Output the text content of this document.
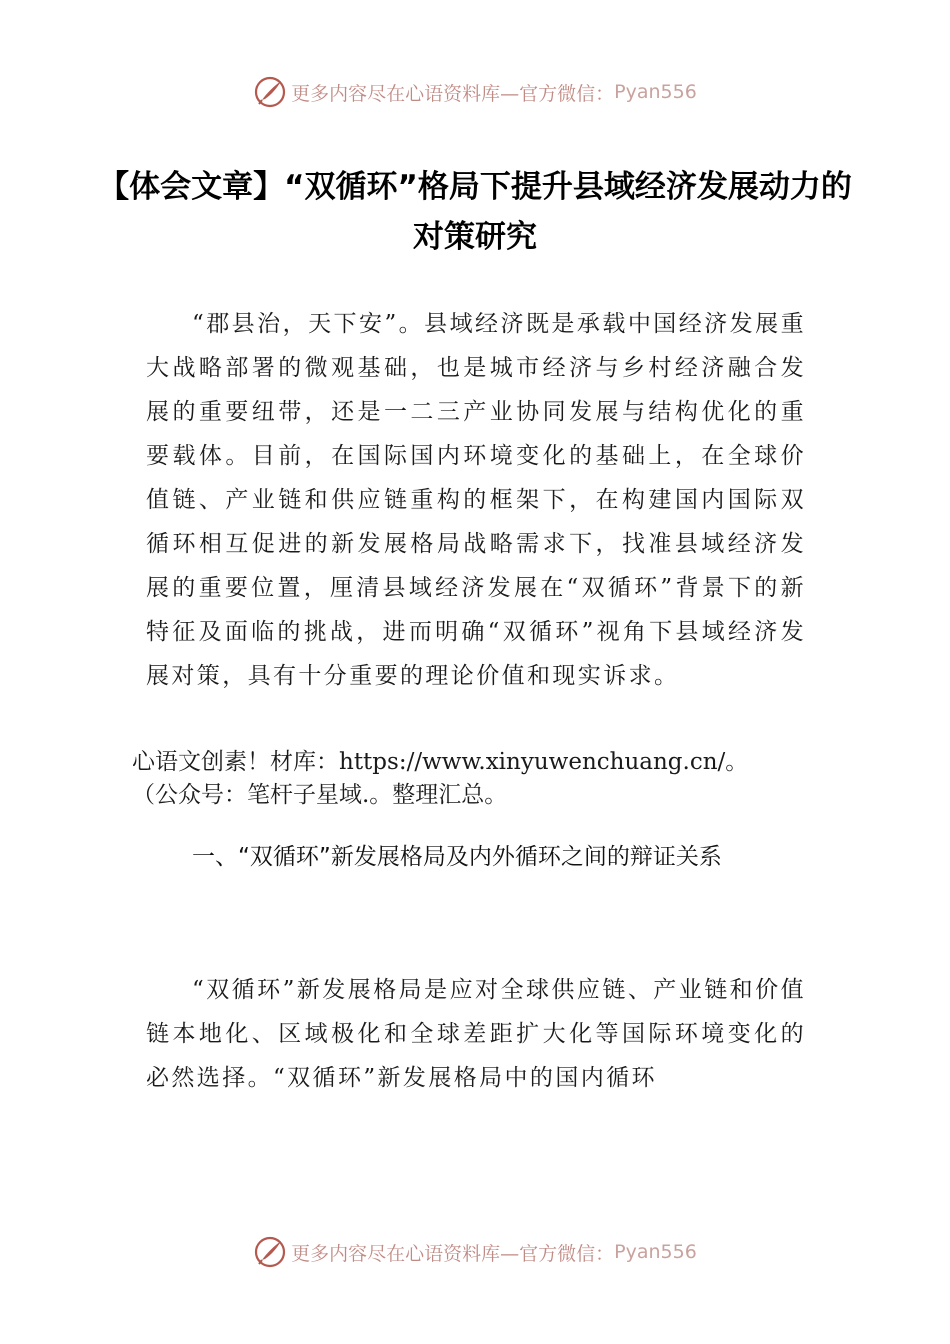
更多内容尽在心语资料库—官方微信： Pyan556
【体会文章】“双循环”格局下提升县域经济发展动力的对策研究

“郡县治，天下安”。县域经济既是承载中国经济发展重大战略部署的微观基础，也是城市经济与乡村经济融合发展的重要纽带，还是一二三产业协同发展与结构优化的重要载体。目前，在国际国内环境变化的基础上，在全球价值链、产业链和供应链重构的框架下，在构建国内国际双循环相互促进的新发展格局战略需求下，找准县域经济发展的重要位置，厘清县域经济发展在“双循环”背景下的新特征及面临的挑战，进而明确“双循环”视角下县域经济发展对策，具有十分重要的理论价值和现实诉求。

心语文创素！材库：https://www.xinyuwenchuang.cn/。
（公众号：笔杆子星域.。整理汇总。

一、“双循环”新发展格局及内外循环之间的辩证关系

“双循环”新发展格局是应对全球供应链、产业链和价值链本地化、区域极化和全球差距扩大化等国际环境变化的必然选择。“双循环”新发展格局中的国内循环

更多内容尽在心语资料库—官方微信： Pyan556
